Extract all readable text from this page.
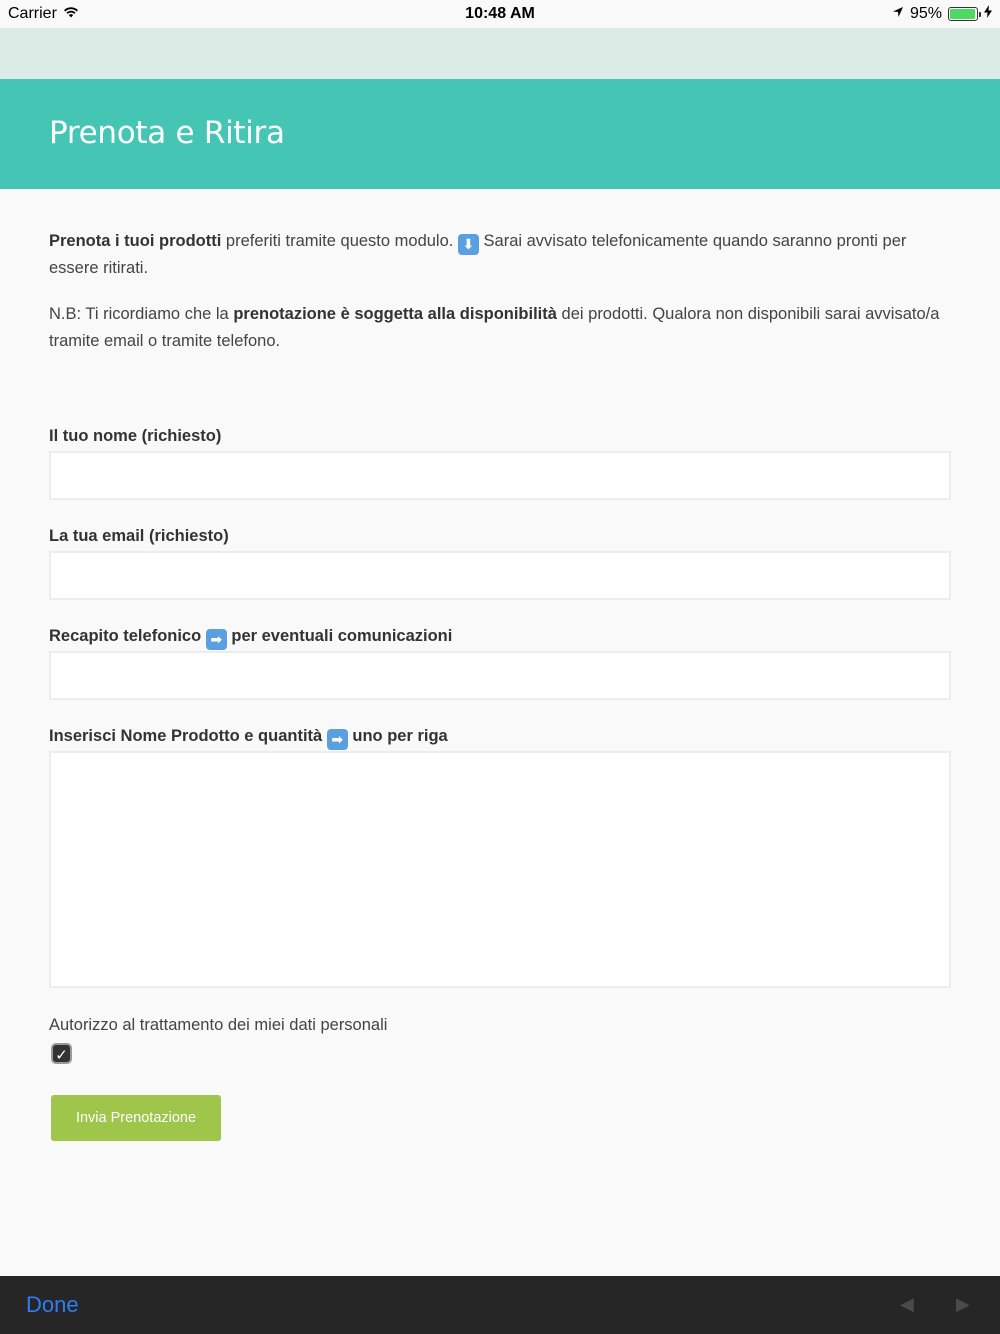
Carrier	10:48 AM	95%
Prenota e Ritira

Prenota i tuoi prodotti preferiti tramite questo modulo. ⬇ Sarai avvisato telefonicamente quando saranno pronti per essere ritirati.

N.B: Ti ricordiamo che la prenotazione è soggetta alla disponibilità dei prodotti. Qualora non disponibili sarai avvisato/a tramite email o tramite telefono.

Il tuo nome (richiesto)
La tua email (richiesto)
Recapito telefonico ➡ per eventuali comunicazioni
Inserisci Nome Prodotto e quantità ➡ uno per riga
Autorizzo al trattamento dei miei dati personali
✓
Invia Prenotazione
Done	◀ ▶
